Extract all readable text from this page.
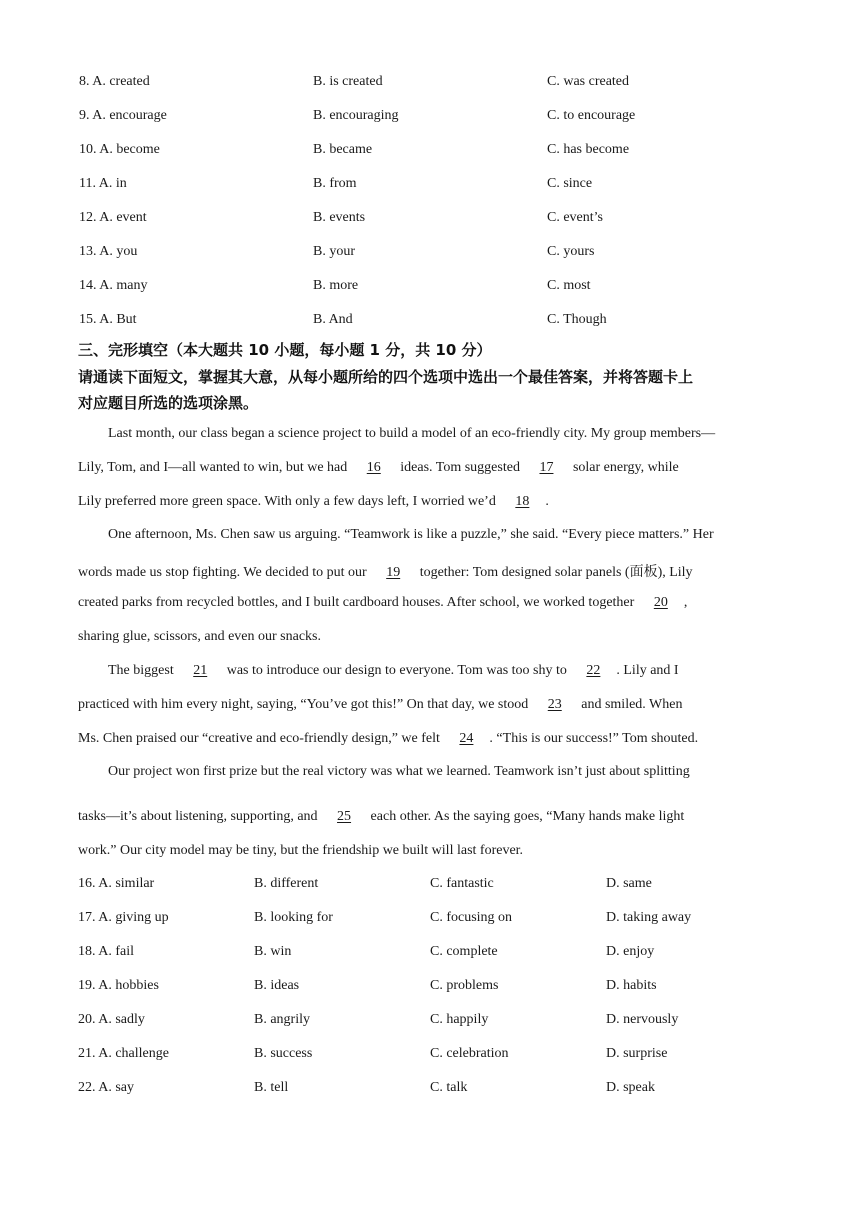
8. A. created	B. is created	C. was created
9. A. encourage	B. encouraging	C. to encourage
10. A. become	B. became	C. has become
11. A. in	B. from	C. since
12. A. event	B. events	C. event’s
13. A. you	B. your	C. yours
14. A. many	B. more	C. most
15. A. But	B. And	C. Though
三、完形填空（本大题共 10 小题，每小题 1 分，共 10 分）
请通读下面短文，掌握其大意，从每小题所给的四个选项中选出一个最佳答案，并将答题卡上
对应题目所选的选项涂黑。
Last month, our class began a science project to build a model of an eco-friendly city. My group members—
Lily, Tom, and I—all wanted to win, but we had 16 ideas. Tom suggested 17 solar energy, while
Lily preferred more green space. With only a few days left, I worried we’d 18 .
One afternoon, Ms. Chen saw us arguing. “Teamwork is like a puzzle,” she said. “Every piece matters.” Her
words made us stop fighting. We decided to put our 19 together: Tom designed solar panels (面板), Lily
created parks from recycled bottles, and I built cardboard houses. After school, we worked together 20 ,
sharing glue, scissors, and even our snacks.
The biggest 21 was to introduce our design to everyone. Tom was too shy to 22 . Lily and I
practiced with him every night, saying, “You’ve got this!” On that day, we stood 23 and smiled. When
Ms. Chen praised our “creative and eco-friendly design,” we felt 24 . “This is our success!” Tom shouted.
Our project won first prize but the real victory was what we learned. Teamwork isn’t just about splitting
tasks—it’s about listening, supporting, and 25 each other. As the saying goes, “Many hands make light
work.” Our city model may be tiny, but the friendship we built will last forever.
16. A. similar	B. different	C. fantastic	D. same
17. A. giving up	B. looking for	C. focusing on	D. taking away
18. A. fail	B. win	C. complete	D. enjoy
19. A. hobbies	B. ideas	C. problems	D. habits
20. A. sadly	B. angrily	C. happily	D. nervously
21. A. challenge	B. success	C. celebration	D. surprise
22. A. say	B. tell	C. talk	D. speak
